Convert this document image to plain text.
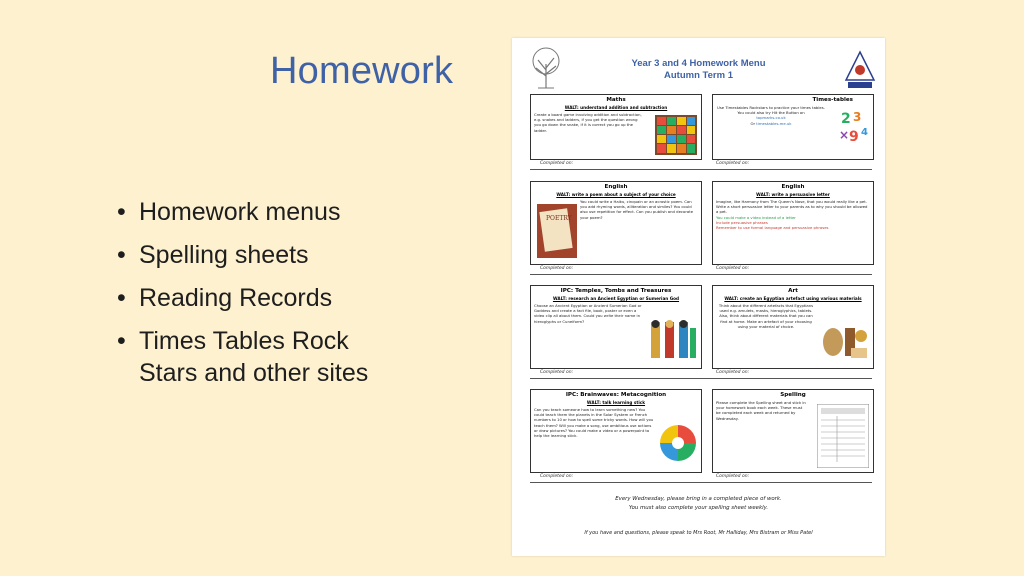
Homework
• Homework menus
• Spelling sheets
• Reading Records
• Times Tables Rock Stars and other sites
Year 3 and 4 Homework Menu
Autumn Term 1
Maths
WALT: understand addition and subtraction
Create a board game involving addition and subtraction, e.g. snakes and ladders, if you get the question wrong you go down the snake, if it is correct you go up the ladder.
Completed on:
Times-tables
Use Timestables Rockstars to practice your times tables.
You could also try Hit the Button on
topmarks.co.uk
Or timestables.me.uk	2 3
× 9 4
Completed on:
English
WALT: write a poem about a subject of your choice
You could write a Haiku, cinquain or an acrostic poem. Can you add rhyming words, alliteration and similes? You could also use repetition for effect. Can you publish and decorate your poem?
POETRY
Completed on:
English
WALT: write a persuasive letter
Imagine, like Harmony from The Queen's Nose, that you would really like a pet. Write a short persuasive letter to your parents as to why you should be allowed a pet.
You could make a video instead of a letter
Include persuasive phrases
Remember to use formal language and persuasive phrases
Completed on:
IPC: Temples, Tombs and Treasures
WALT: research an Ancient Egyptian or Sumerian God
Choose an Ancient Egyptian or Ancient Sumerian God or Goddess and create a fact file, book, poster or even a video clip all about them. Could you write their name in hieroglyphs or Cuneiform?
Completed on:
Art
WALT: create an Egyptian artefact using various materials
Think about the different artefacts that Egyptians used e.g. amulets, masks, hieroglyphics, tablets. Also, think about different materials that you can find at home. Make an artefact of your choosing using your material of choice.
Completed on:
IPC: Brainwaves: Metacognition
WALT: talk learning stick
Can you teach someone how to learn something new? You could teach them the planets in the Solar System or French numbers to 10 or how to spell some tricky words. How will you teach them? Will you make a song, use ambitious use actions or draw pictures? You could make a video or a powerpoint to help the learning stick.
Completed on:
Spelling
Please complete the Spelling sheet and stick in your homework book each week. These must be completed each week and returned by Wednesday.
Completed on:
Every Wednesday, please bring in a completed piece of work.
You must also complete your spelling sheet weekly.
If you have and questions, please speak to Mrs Root, Mr Halliday, Mrs Bistram or Miss Patel
